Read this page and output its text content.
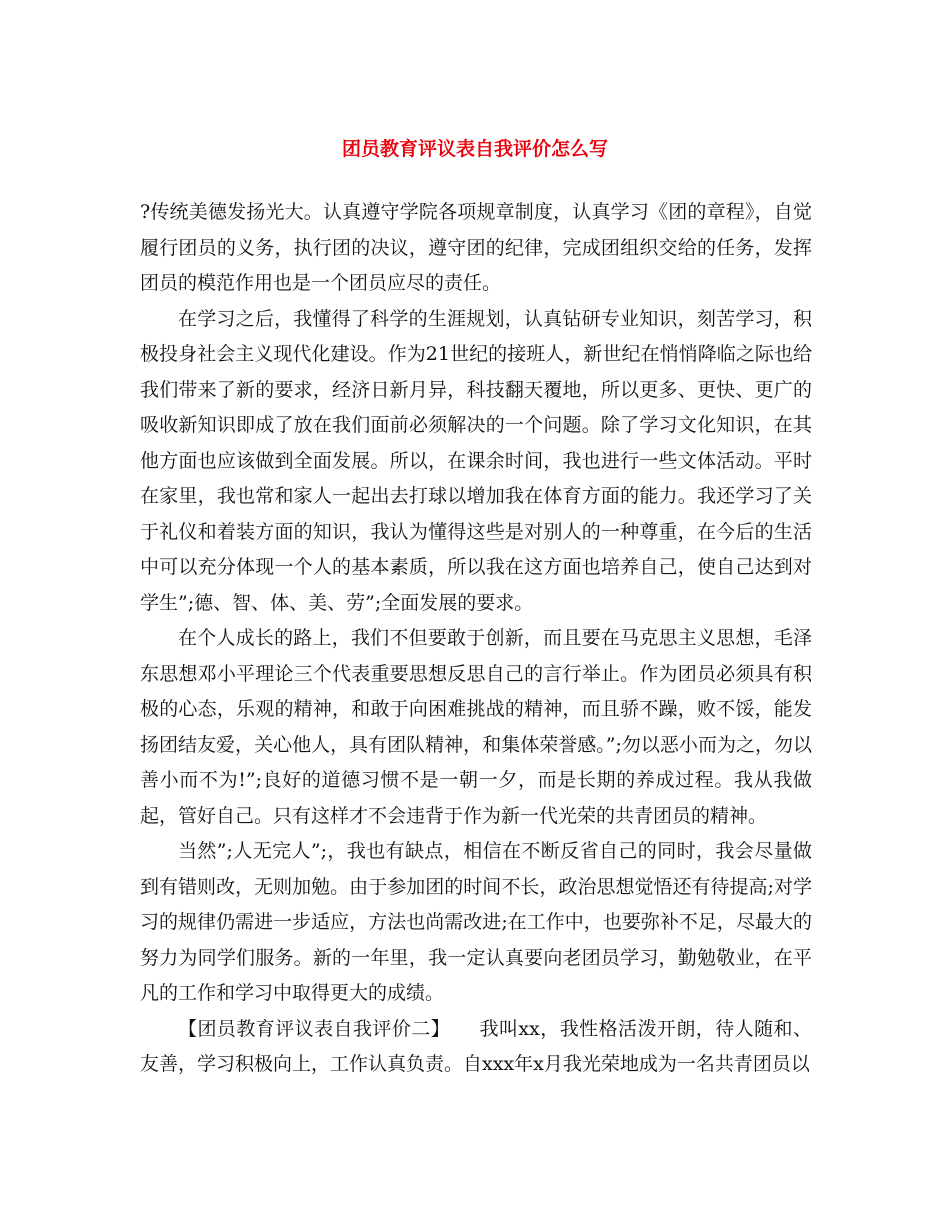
团员教育评议表自我评价怎么写

?传统美德发扬光大。认真遵守学院各项规章制度，认真学习《团的章程》，自觉履行团员的义务，执行团的决议，遵守团的纪律，完成团组织交给的任务，发挥团员的模范作用也是一个团员应尽的责任。

在学习之后，我懂得了科学的生涯规划，认真钻研专业知识，刻苦学习，积极投身社会主义现代化建设。作为21世纪的接班人，新世纪在悄悄降临之际也给我们带来了新的要求，经济日新月异，科技翻天覆地，所以更多、更快、更广的吸收新知识即成了放在我们面前必须解决的一个问题。除了学习文化知识，在其他方面也应该做到全面发展。所以，在课余时间，我也进行一些文体活动。平时在家里，我也常和家人一起出去打球以增加我在体育方面的能力。我还学习了关于礼仪和着装方面的知识，我认为懂得这些是对别人的一种尊重，在今后的生活中可以充分体现一个人的基本素质，所以我在这方面也培养自己，使自己达到对学生”;德、智、体、美、劳”;全面发展的要求。

在个人成长的路上，我们不但要敢于创新，而且要在马克思主义思想，毛泽东思想邓小平理论三个代表重要思想反思自己的言行举止。作为团员必须具有积极的心态，乐观的精神，和敢于向困难挑战的精神，而且骄不躁，败不馁，能发扬团结友爱，关心他人，具有团队精神，和集体荣誉感。”;勿以恶小而为之，勿以善小而不为!”;良好的道德习惯不是一朝一夕，而是长期的养成过程。我从我做起，管好自己。只有这样才不会违背于作为新一代光荣的共青团员的精神。

当然”;人无完人”;，我也有缺点，相信在不断反省自己的同时，我会尽量做到有错则改，无则加勉。由于参加团的时间不长，政治思想觉悟还有待提高;对学习的规律仍需进一步适应，方法也尚需改进;在工作中，也要弥补不足，尽最大的努力为同学们服务。新的一年里，我一定认真要向老团员学习，勤勉敬业，在平凡的工作和学习中取得更大的成绩。

【团员教育评议表自我评价二】　　我叫xx，我性格活泼开朗，待人随和、友善，学习积极向上，工作认真负责。自xxx年x月我光荣地成为一名共青团员以
